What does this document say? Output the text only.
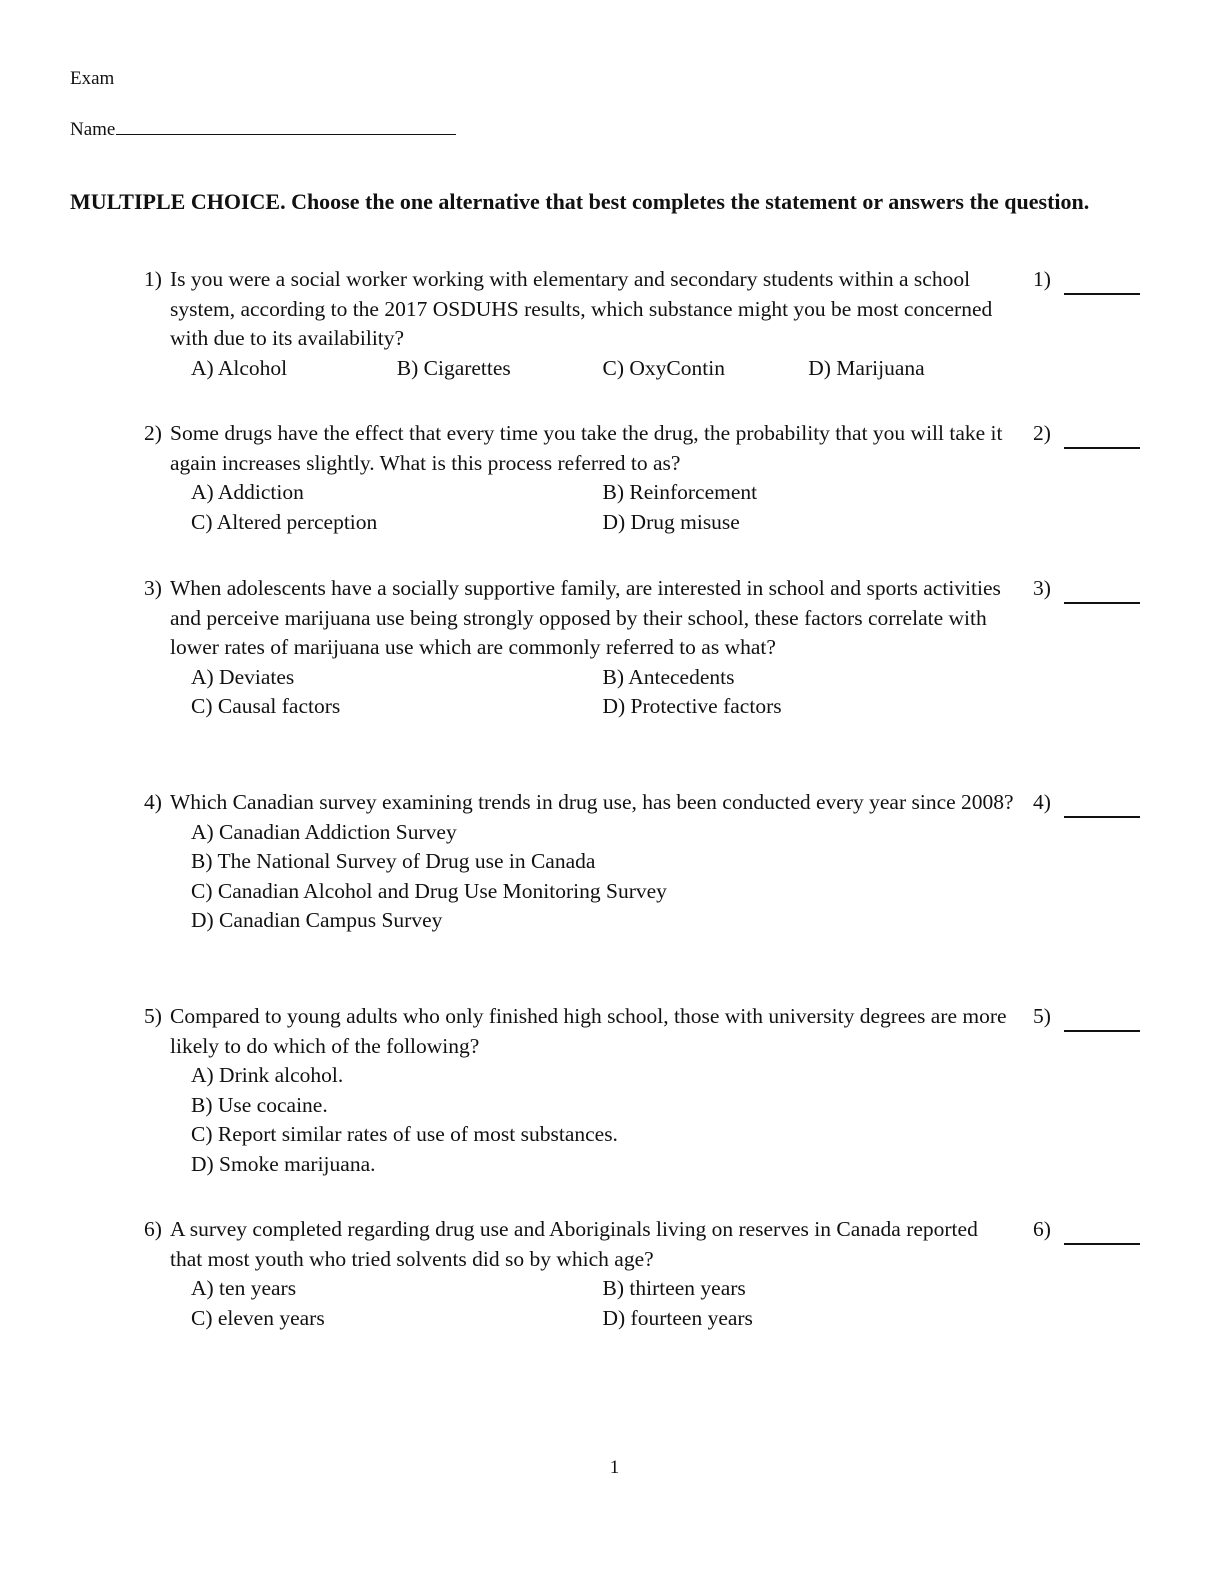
Exam
Name
MULTIPLE CHOICE. Choose the one alternative that best completes the statement or answers the question.
1) Is you were a social worker working with elementary and secondary students within a school system, according to the 2017 OSDUHS results, which substance might you be most concerned with due to its availability?
A) Alcohol	B) Cigarettes	C) OxyContin	D) Marijuana
1)
2) Some drugs have the effect that every time you take the drug, the probability that you will take it again increases slightly. What is this process referred to as?
A) Addiction	B) Reinforcement
C) Altered perception	D) Drug misuse
2)
3) When adolescents have a socially supportive family, are interested in school and sports activities and perceive marijuana use being strongly opposed by their school, these factors correlate with lower rates of marijuana use which are commonly referred to as what?
A) Deviates	B) Antecedents
C) Causal factors	D) Protective factors
3)
4) Which Canadian survey examining trends in drug use, has been conducted every year since 2008?
A) Canadian Addiction Survey
B) The National Survey of Drug use in Canada
C) Canadian Alcohol and Drug Use Monitoring Survey
D) Canadian Campus Survey
4)
5) Compared to young adults who only finished high school, those with university degrees are more likely to do which of the following?
A) Drink alcohol.
B) Use cocaine.
C) Report similar rates of use of most substances.
D) Smoke marijuana.
5)
6) A survey completed regarding drug use and Aboriginals living on reserves in Canada reported that most youth who tried solvents did so by which age?
A) ten years	B) thirteen years
C) eleven years	D) fourteen years
6)
1
